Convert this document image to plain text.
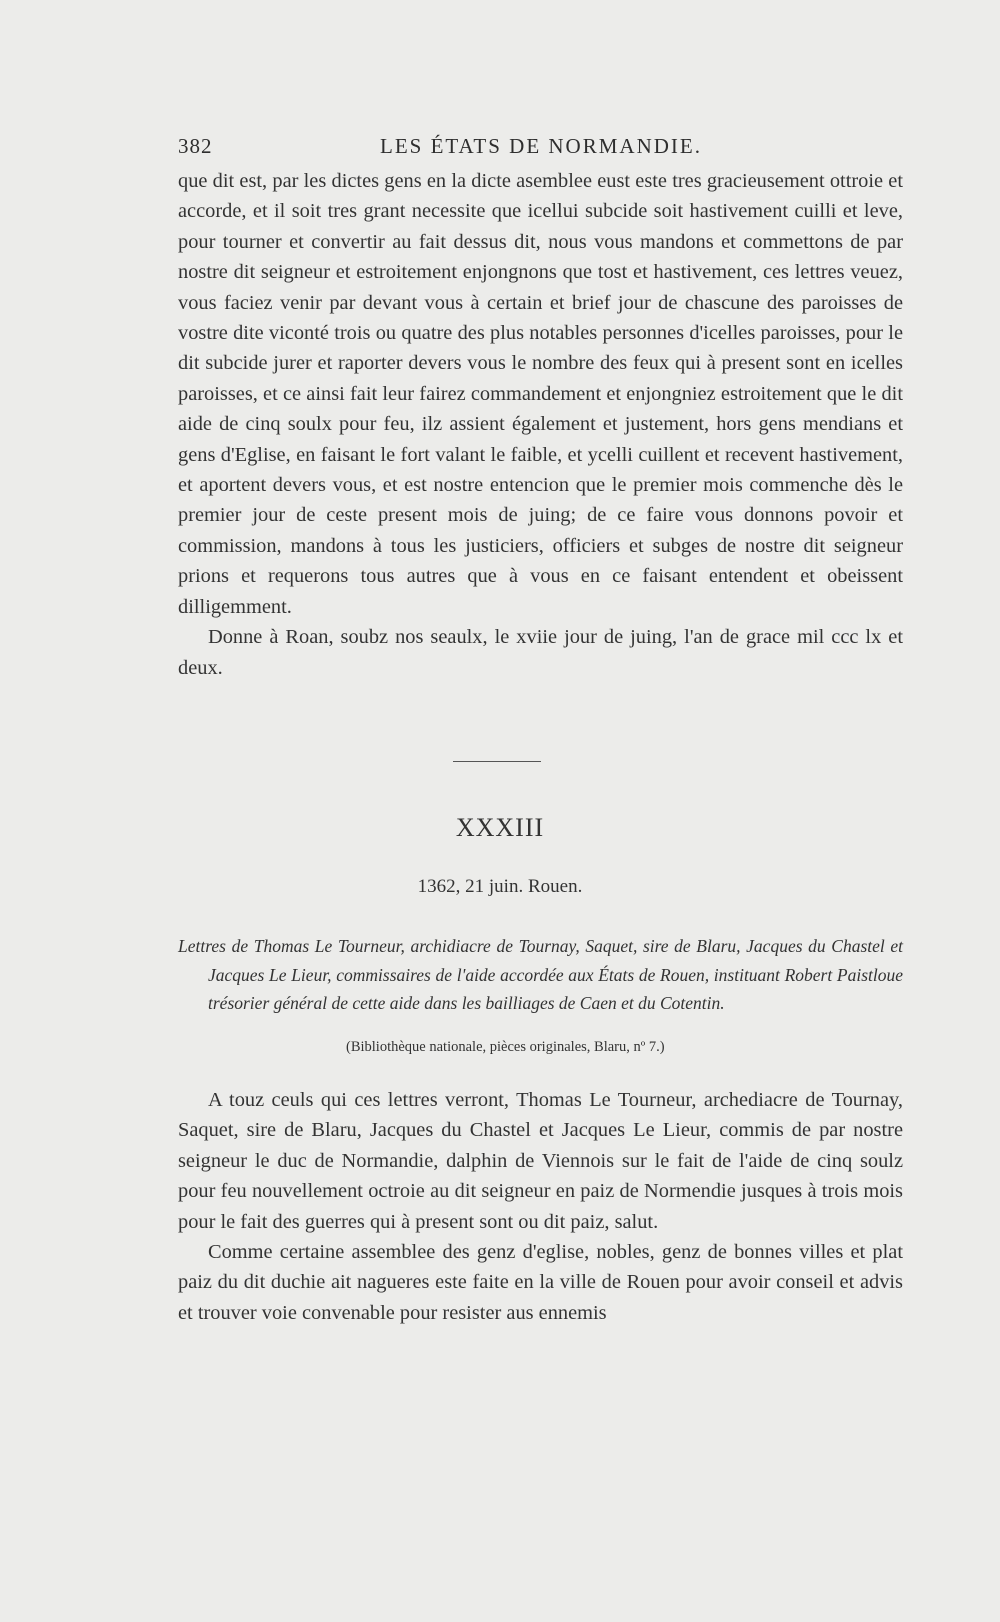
382	LES ÉTATS DE NORMANDIE.

que dit est, par les dictes gens en la dicte asemblee eust este tres gracieusement ottroie et accorde, et il soit tres grant necessite que icellui subcide soit hastivement cuilli et leve, pour tourner et convertir au fait dessus dit, nous vous mandons et commettons de par nostre dit seigneur et estroitement enjongnons que tost et hastivement, ces lettres veuez, vous faciez venir par devant vous à certain et brief jour de chascune des paroisses de vostre dite viconté trois ou quatre des plus notables personnes d'icelles paroisses, pour le dit subcide jurer et raporter devers vous le nombre des feux qui à present sont en icelles paroisses, et ce ainsi fait leur fairez commandement et enjongniez estroitement que le dit aide de cinq soulx pour feu, ilz assient également et justement, hors gens mendians et gens d'Eglise, en faisant le fort valant le faible, et ycelli cuillent et recevent hastivement, et aportent devers vous, et est nostre entencion que le premier mois commenche dès le premier jour de ceste present mois de juing; de ce faire vous donnons povoir et commission, mandons à tous les justiciers, officiers et subges de nostre dit seigneur prions et requerons tous autres que à vous en ce faisant entendent et obeissent dilligemment.

Donne à Roan, soubz nos seaulx, le xviie jour de juing, l'an de grace mil ccc lx et deux.

XXXIII
1362, 21 juin. Rouen.
Lettres de Thomas Le Tourneur, archidiacre de Tournay, Saquet, sire de Blaru, Jacques du Chastel et Jacques Le Lieur, commissaires de l'aide accordée aux États de Rouen, instituant Robert Paistloue trésorier général de cette aide dans les bailliages de Caen et du Cotentin.
(Bibliothèque nationale, pièces originales, Blaru, nº 7.)

A touz ceuls qui ces lettres verront, Thomas Le Tourneur, archediacre de Tournay, Saquet, sire de Blaru, Jacques du Chastel et Jacques Le Lieur, commis de par nostre seigneur le duc de Normandie, dalphin de Viennois sur le fait de l'aide de cinq soulz pour feu nouvellement octroie au dit seigneur en paiz de Normendie jusques à trois mois pour le fait des guerres qui à present sont ou dit paiz, salut.

Comme certaine assemblee des genz d'eglise, nobles, genz de bonnes villes et plat paiz du dit duchie ait nagueres este faite en la ville de Rouen pour avoir conseil et advis et trouver voie convenable pour resister aus ennemis
